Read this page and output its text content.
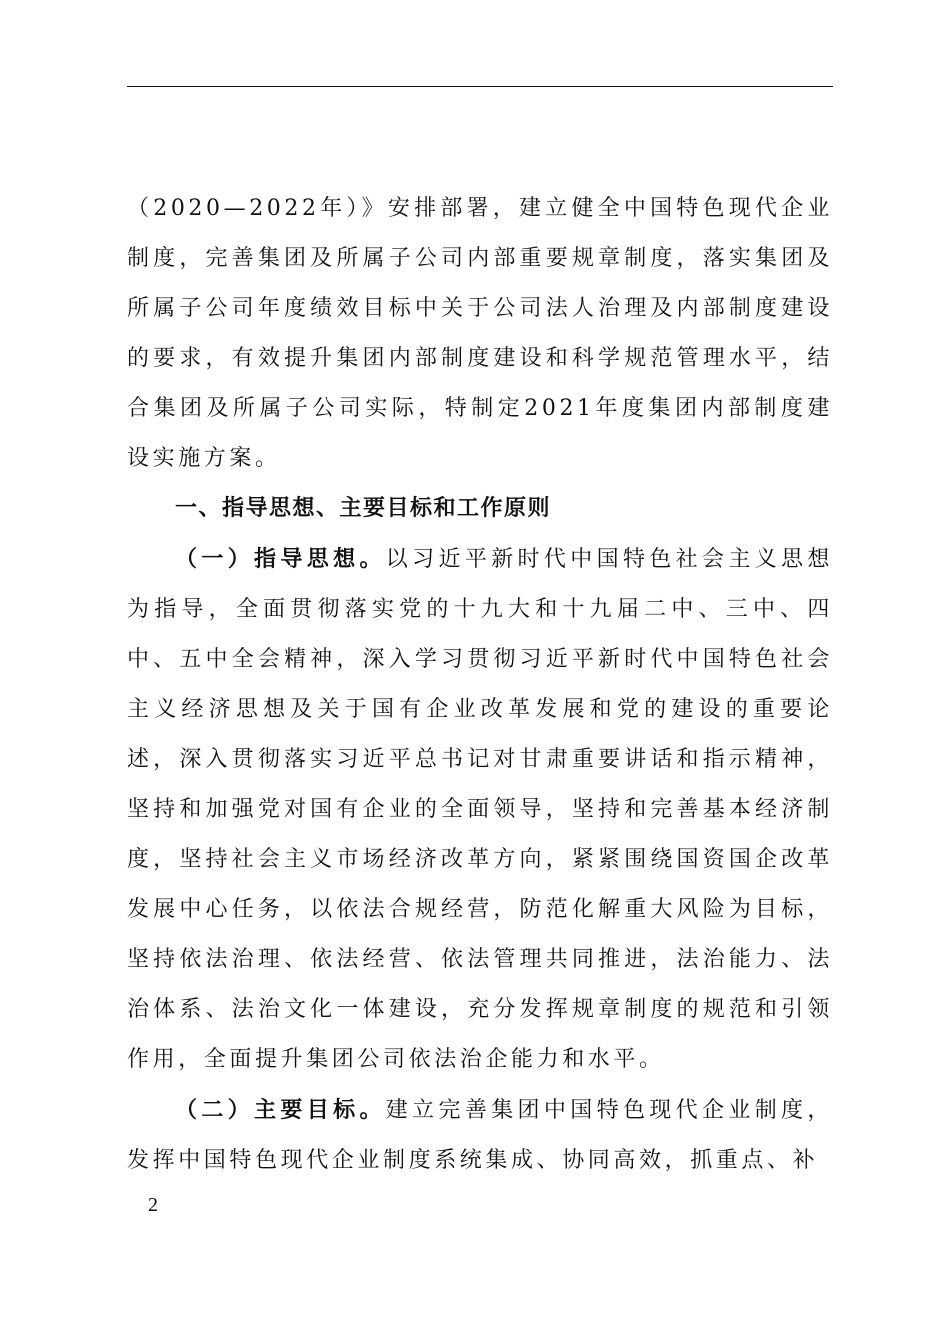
（2020—2022年）》安排部署，建立健全中国特色现代企业制度，完善集团及所属子公司内部重要规章制度，落实集团及所属子公司年度绩效目标中关于公司法人治理及内部制度建设的要求，有效提升集团内部制度建设和科学规范管理水平，结合集团及所属子公司实际，特制定2021年度集团内部制度建设实施方案。

一、指导思想、主要目标和工作原则

（一）指导思想。以习近平新时代中国特色社会主义思想为指导，全面贯彻落实党的十九大和十九届二中、三中、四中、五中全会精神，深入学习贯彻习近平新时代中国特色社会主义经济思想及关于国有企业改革发展和党的建设的重要论述，深入贯彻落实习近平总书记对甘肃重要讲话和指示精神，坚持和加强党对国有企业的全面领导，坚持和完善基本经济制度，坚持社会主义市场经济改革方向，紧紧围绕国资国企改革发展中心任务，以依法合规经营，防范化解重大风险为目标，坚持依法治理、依法经营、依法管理共同推进，法治能力、法治体系、法治文化一体建设，充分发挥规章制度的规范和引领作用，全面提升集团公司依法治企能力和水平。

（二）主要目标。建立完善集团中国特色现代企业制度，发挥中国特色现代企业制度系统集成、协同高效，抓重点、补

2
